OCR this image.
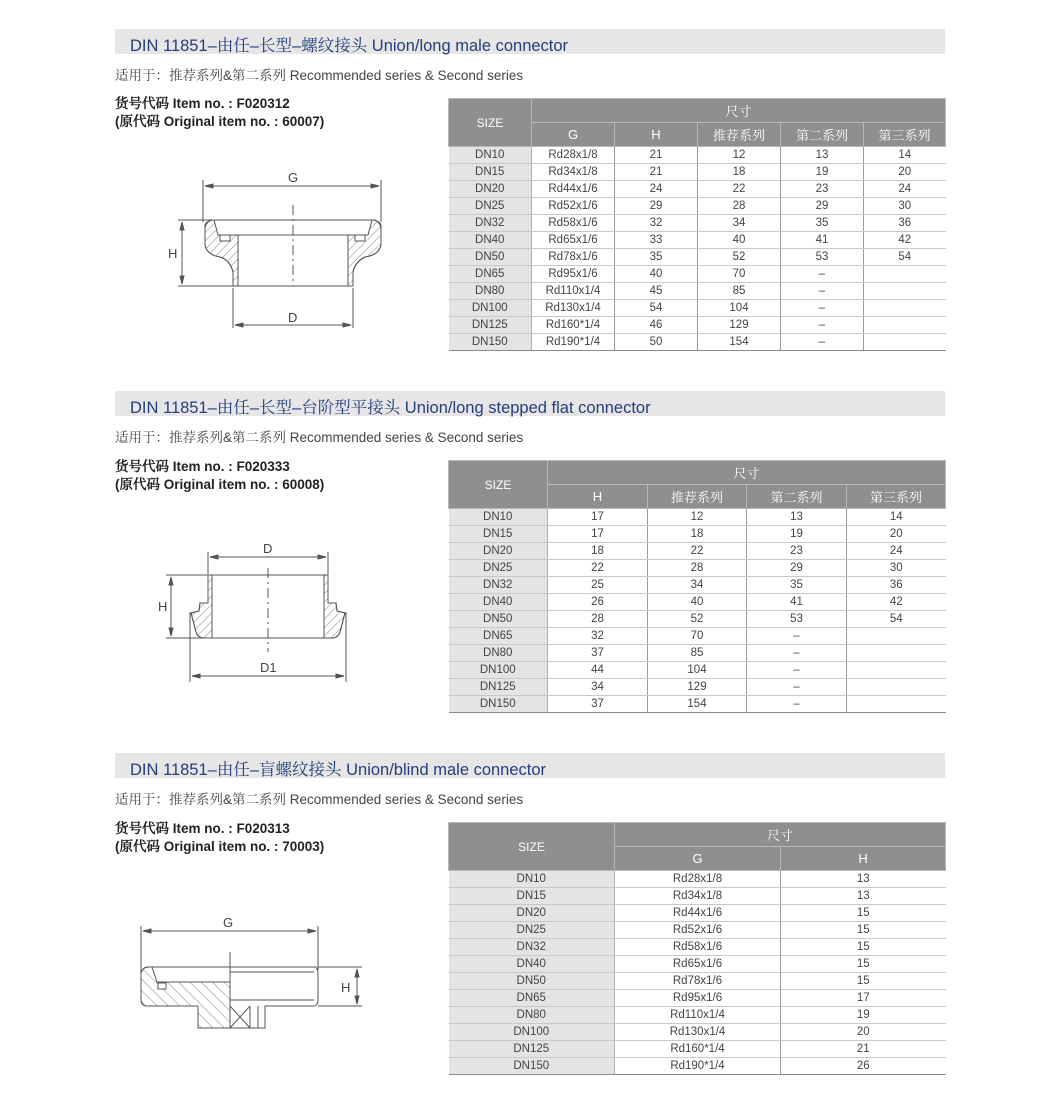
DIN 11851–由任–长型–螺纹接头 Union/long male connector
适用于：推荐系列&第二系列 Recommended series & Second series
货号代码 Item no. : F020312
(原代码 Original item no. : 60007)
G
H
D
SIZE	尺寸				
	G	H	推荐系列	第二系列	第三系列
DN10	Rd28x1/8	21	12	13	14
DN15	Rd34x1/8	21	18	19	20
DN20	Rd44x1/6	24	22	23	24
DN25	Rd52x1/6	29	28	29	30
DN32	Rd58x1/6	32	34	35	36
DN40	Rd65x1/6	33	40	41	42
DN50	Rd78x1/6	35	52	53	54
DN65	Rd95x1/6	40	70	–	
DN80	Rd110x1/4	45	85	–	
DN100	Rd130x1/4	54	104	–	
DN125	Rd160*1/4	46	129	–	
DN150	Rd190*1/4	50	154	–	
DIN 11851–由任–长型–台阶型平接头 Union/long stepped flat connector
适用于：推荐系列&第二系列 Recommended series & Second series
货号代码 Item no. : F020333
(原代码 Original item no. : 60008)
D
H
D1
SIZE	尺寸			
	H	推荐系列	第二系列	第三系列
DN10	17	12	13	14
DN15	17	18	19	20
DN20	18	22	23	24
DN25	22	28	29	30
DN32	25	34	35	36
DN40	26	40	41	42
DN50	28	52	53	54
DN65	32	70	–	
DN80	37	85	–	
DN100	44	104	–	
DN125	34	129	–	
DN150	37	154	–	
DIN 11851–由任–盲螺纹接头 Union/blind male connector
适用于：推荐系列&第二系列 Recommended series & Second series
货号代码 Item no. : F020313
(原代码 Original item no. : 70003)
G
H
SIZE	尺寸	
	G	H
DN10	Rd28x1/8	13
DN15	Rd34x1/8	13
DN20	Rd44x1/6	15
DN25	Rd52x1/6	15
DN32	Rd58x1/6	15
DN40	Rd65x1/6	15
DN50	Rd78x1/6	15
DN65	Rd95x1/6	17
DN80	Rd110x1/4	19
DN100	Rd130x1/4	20
DN125	Rd160*1/4	21
DN150	Rd190*1/4	26
